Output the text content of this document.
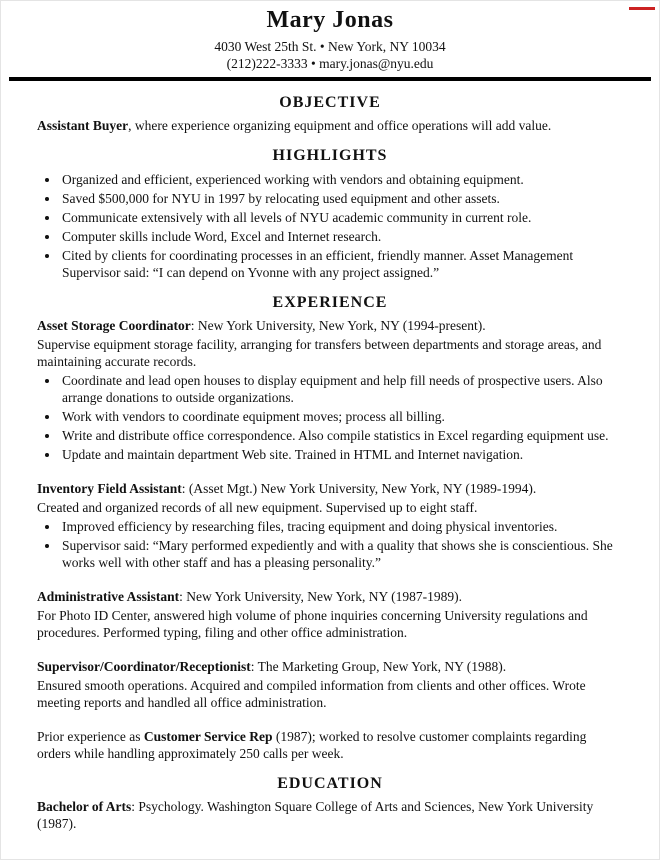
Mary Jonas

4030 West 25th St. • New York, NY 10034

(212)222-3333 • mary.jonas@nyu.edu

OBJECTIVE

Assistant Buyer, where experience organizing equipment and office operations will add value.

HIGHLIGHTS
• Organized and efficient, experienced working with vendors and obtaining equipment.
• Saved $500,000 for NYU in 1997 by relocating used equipment and other assets.
• Communicate extensively with all levels of NYU academic community in current role.
• Computer skills include Word, Excel and Internet research.
• Cited by clients for coordinating processes in an efficient, friendly manner. Asset Management Supervisor said: “I can depend on Yvonne with any project assigned.”
EXPERIENCE

Asset Storage Coordinator: New York University, New York, NY (1994-present).

Supervise equipment storage facility, arranging for transfers between departments and storage areas, and maintaining accurate records.

• Coordinate and lead open houses to display equipment and help fill needs of prospective users. Also arrange donations to outside organizations.
• Work with vendors to coordinate equipment moves; process all billing.
• Write and distribute office correspondence. Also compile statistics in Excel regarding equipment use.
• Update and maintain department Web site. Trained in HTML and Internet navigation.

Inventory Field Assistant: (Asset Mgt.) New York University, New York, NY (1989-1994).

Created and organized records of all new equipment. Supervised up to eight staff.

• Improved efficiency by researching files, tracing equipment and doing physical inventories.
• Supervisor said: “Mary performed expediently and with a quality that shows she is conscientious. She works well with other staff and has a pleasing personality.”

Administrative Assistant: New York University, New York, NY (1987-1989).

For Photo ID Center, answered high volume of phone inquiries concerning University regulations and procedures. Performed typing, filing and other office administration.

Supervisor/Coordinator/Receptionist: The Marketing Group, New York, NY (1988).

Ensured smooth operations. Acquired and compiled information from clients and other offices. Wrote meeting reports and handled all office administration.

Prior experience as Customer Service Rep (1987); worked to resolve customer complaints regarding orders while handling approximately 250 calls per week.

EDUCATION

Bachelor of Arts: Psychology. Washington Square College of Arts and Sciences, New York University (1987).
